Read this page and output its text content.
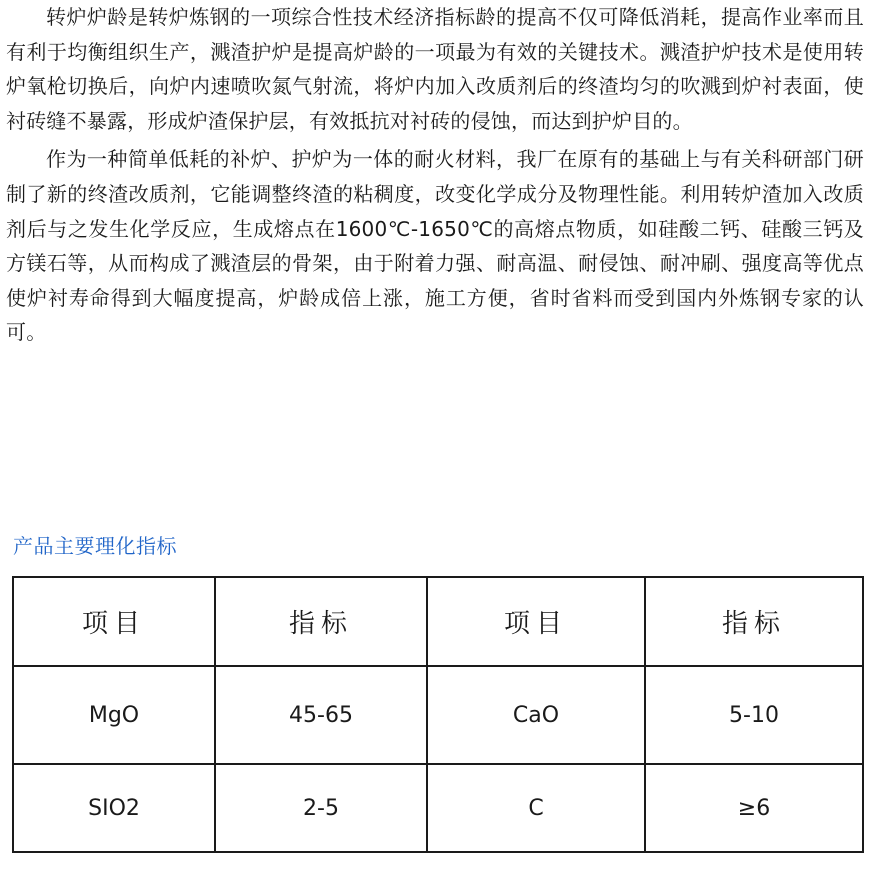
转炉炉龄是转炉炼钢的一项综合性技术经济指标龄的提高不仅可降低消耗，提高作业率而且有利于均衡组织生产，溅渣护炉是提高炉龄的一项最为有效的关键技术。溅渣护炉技术是使用转炉氧枪切换后，向炉内速喷吹氮气射流，将炉内加入改质剂后的终渣均匀的吹溅到炉衬表面，使衬砖缝不暴露，形成炉渣保护层，有效抵抗对衬砖的侵蚀，而达到护炉目的。

作为一种简单低耗的补炉、护炉为一体的耐火材料，我厂在原有的基础上与有关科研部门研制了新的终渣改质剂，它能调整终渣的粘稠度，改变化学成分及物理性能。利用转炉渣加入改质剂后与之发生化学反应，生成熔点在1600℃-1650℃的高熔点物质，如硅酸二钙、硅酸三钙及方镁石等，从而构成了溅渣层的骨架，由于附着力强、耐高温、耐侵蚀、耐冲刷、强度高等优点使炉衬寿命得到大幅度提高，炉龄成倍上涨，施工方便，省时省料而受到国内外炼钢专家的认可。

产品主要理化指标
项目	指标	项目	指标
MgO	45-65	CaO	5-10
SIO2	2-5	C	≥6
